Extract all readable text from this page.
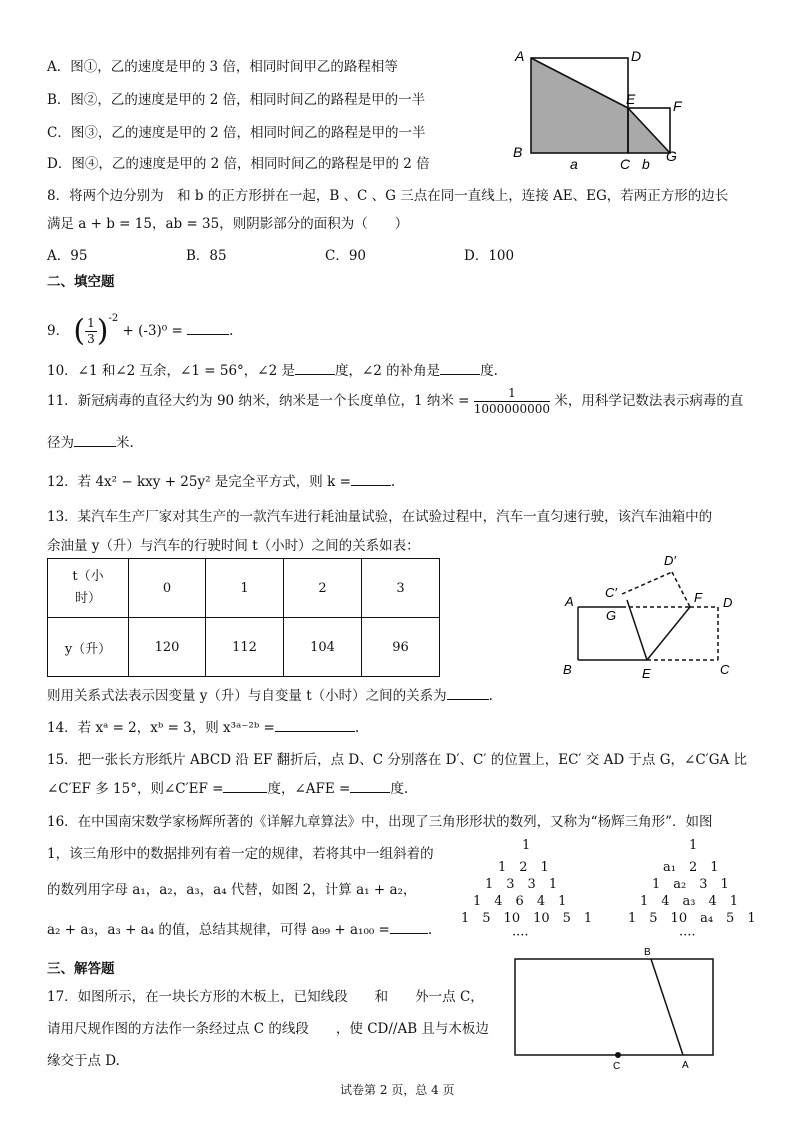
A．图①，乙的速度是甲的 3 倍，相同时间甲乙的路程相等
B．图②，乙的速度是甲的 2 倍，相同时间乙的路程是甲的一半
C．图③，乙的速度是甲的 2 倍，相同时间乙的路程是甲的一半
D．图④，乙的速度是甲的 2 倍，相同时间乙的路程是甲的 2 倍
A	D
E	F
B
C	G
a	b
8．将两个边分别为　和 b 的正方形拼在一起，B 、C 、G 三点在同一直线上，连接 AE、EG，若两正方形的边长
满足 a + b = 15，ab = 35，则阴影部分的面积为（　　）
A．95	B．85	C．90	D．100
二、填空题
9． ( $\frac{1}{3} )^{-2} + (-3)^0$ =	.
10．∠1 和∠2 互余，∠1 = 56°，∠2 是	度，∠2 的补角是	度.
11．新冠病毒的直径大约为 90 纳米，纳米是一个长度单位，1 纳米 = $\frac{1}{1000000000}$ 米，用科学记数法表示病毒的直
径为	米.
12．若 4x² − kxy + 25y² 是完全平方式，则 k =	.
13．某汽车生产厂家对其生产的一款汽车进行耗油量试验，在试验过程中，汽车一直匀速行驶，该汽车油箱中的
余油量 y（升）与汽车的行驶时间 t（小时）之间的关系如表：
t（小
时）	0	1	2	3
y（升）	120	112	104	96
则用关系式法表示因变量 y（升）与自变量 t（小时）之间的关系为	.
A
B
C′
G
D′
F D
E	C
14．若 xᵃ = 2，xᵇ = 3，则 x³ᵃ⁻²ᵇ =	.
15．把一张长方形纸片 ABCD 沿 EF 翻折后，点 D、C 分别落在 D′、C′ 的位置上，EC′ 交 AD 于点 G，∠C′GA 比
∠C′EF 多 15°，则∠C′EF =	度，∠AFE =	度.
16．在中国南宋数学家杨辉所著的《详解九章算法》中，出现了三角形形状的数列，又称为“杨辉三角形”．如图
1，该三角形中的数据排列有着一定的规律，若将其中一组斜着的
的数列用字母 a₁，a₂，a₃，a₄ 代替，如图 2，计算 a₁ + a₂，
a₂ + a₃，a₃ + a₄ 的值，总结其规律，可得 a₉₉ + a₁₀₀ =	.
1
1　2　1
1　3　3　1
1　4　6　4　1
1　5　10　10　5　1
····
1
a₁　2　1
1　a₂　3　1
1　4　a₃　4　1
1　5　10　a₄　5　1
····
三、解答题
17．如图所示，在一块长方形的木板上，已知线段　　和　　外一点 C，
请用尺规作图的方法作一条经过点 C 的线段　　，使 CD//AB 且与木板边
缘交于点 D.
B
A
C
试卷第 2 页，总 4 页
